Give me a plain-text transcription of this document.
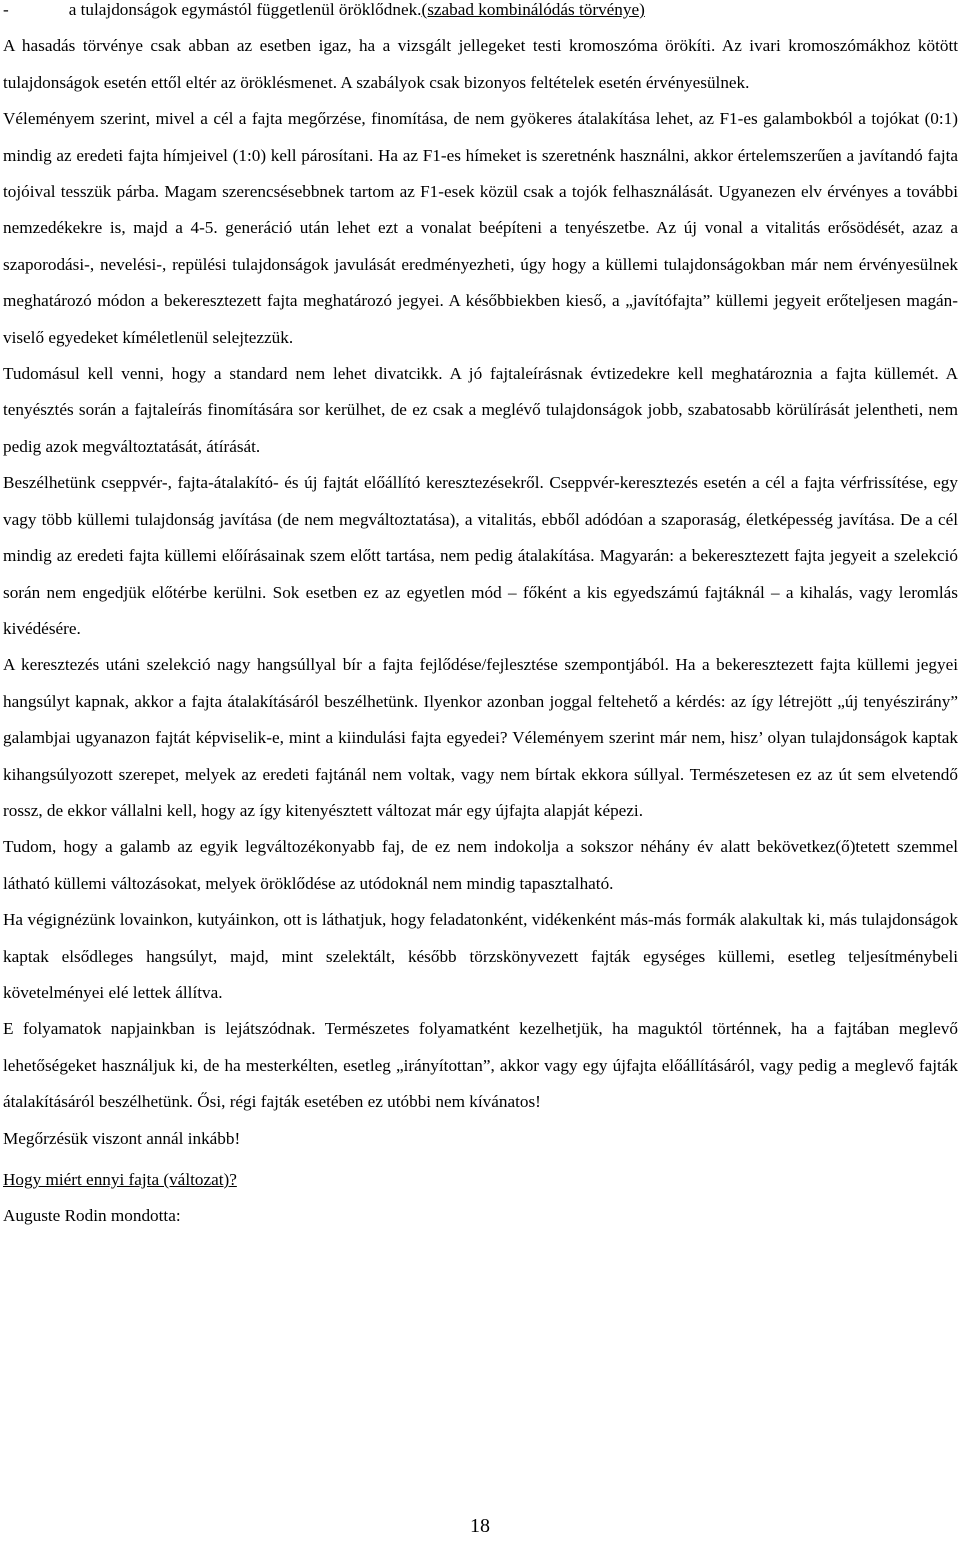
-	a tulajdonságok egymástól függetlenül öröklődnek.(szabad kombinálódás törvénye)

A hasadás törvénye csak abban az esetben igaz, ha a vizsgált jellegeket testi kromoszóma örökíti. Az ivari kromoszómákhoz kötött tulajdonságok esetén ettől eltér az öröklésmenet. A szabályok csak bizonyos feltételek esetén érvényesülnek.

Véleményem szerint, mivel a cél a fajta megőrzése, finomítása, de nem gyökeres átalakítása lehet, az F1-es galambokból a tojókat (0:1) mindig az eredeti fajta hímjeivel (1:0) kell párosítani. Ha az F1-es hímeket is szeretnénk használni, akkor értelemszerűen a javítandó fajta tojóival tesszük párba. Magam szerencsésebbnek tartom az F1-esek közül csak a tojók felhasználását. Ugyanezen elv érvényes a további nemzedékekre is, majd a 4-5. generáció után lehet ezt a vonalat beépíteni a tenyészetbe. Az új vonal a vitalitás erősödését, azaz a szaporodási-, nevelési-, repülési tulajdonságok javulását eredményezheti, úgy hogy a küllemi tulajdonságokban már nem érvényesülnek meghatározó módon a bekeresztezett fajta meghatározó jegyei. A későbbiekben kieső, a „javítófajta” küllemi jegyeit erőteljesen magán-viselő egyedeket kíméletlenül selejtezzük.

Tudomásul kell venni, hogy a standard nem lehet divatcikk. A jó fajtaleírásnak évtizedekre kell meghatároznia a fajta küllemét. A tenyésztés során a fajtaleírás finomítására sor kerülhet, de ez csak a meglévő tulajdonságok jobb, szabatosabb körülírását jelentheti, nem pedig azok megváltoztatását, átírását.

Beszélhetünk cseppvér-, fajta-átalakító- és új fajtát előállító keresztezésekről. Cseppvér-keresztezés esetén a cél a fajta vérfrissítése, egy vagy több küllemi tulajdonság javítása (de nem megváltoztatása), a vitalitás, ebből adódóan a szaporaság, életképesség javítása. De a cél mindig az eredeti fajta küllemi előírásainak szem előtt tartása, nem pedig átalakítása. Magyarán: a bekeresztezett fajta jegyeit a szelekció során nem engedjük előtérbe kerülni. Sok esetben ez az egyetlen mód – főként a kis egyedszámú fajtáknál – a kihalás, vagy leromlás kivédésére.

A keresztezés utáni szelekció nagy hangsúllyal bír a fajta fejlődése/fejlesztése szempontjából. Ha a bekeresztezett fajta küllemi jegyei hangsúlyt kapnak, akkor a fajta átalakításáról beszélhetünk. Ilyenkor azonban joggal feltehető a kérdés: az így létrejött „új tenyészirány” galambjai ugyanazon fajtát képviselik-e, mint a kiindulási fajta egyedei? Véleményem szerint már nem, hisz’ olyan tulajdonságok kaptak kihangsúlyozott szerepet, melyek az eredeti fajtánál nem voltak, vagy nem bírtak ekkora súllyal. Természetesen ez az út sem elvetendő rossz, de ekkor vállalni kell, hogy az így kitenyésztett változat már egy újfajta alapját képezi.

Tudom, hogy a galamb az egyik legváltozékonyabb faj, de ez nem indokolja a sokszor néhány év alatt bekövetkez(ő)tetett szemmel látható küllemi változásokat, melyek öröklődése az utódoknál nem mindig tapasztalható.

Ha végignézünk lovainkon, kutyáinkon, ott is láthatjuk, hogy feladatonként, vidékenként más-más formák alakultak ki, más tulajdonságok kaptak elsődleges hangsúlyt, majd, mint szelektált, később törzskönyvezett fajták egységes küllemi, esetleg teljesítménybeli követelményei elé lettek állítva.

E folyamatok napjainkban is lejátszódnak. Természetes folyamatként kezelhetjük, ha maguktól történnek, ha a fajtában meglevő lehetőségeket használjuk ki, de ha mesterkélten, esetleg „irányítottan”, akkor vagy egy újfajta előállításáról, vagy pedig a meglevő fajták átalakításáról beszélhetünk. Ősi, régi fajták esetében ez utóbbi nem kívánatos!

Megőrzésük viszont annál inkább!

Hogy miért ennyi fajta (változat)?

Auguste Rodin mondotta:

18
